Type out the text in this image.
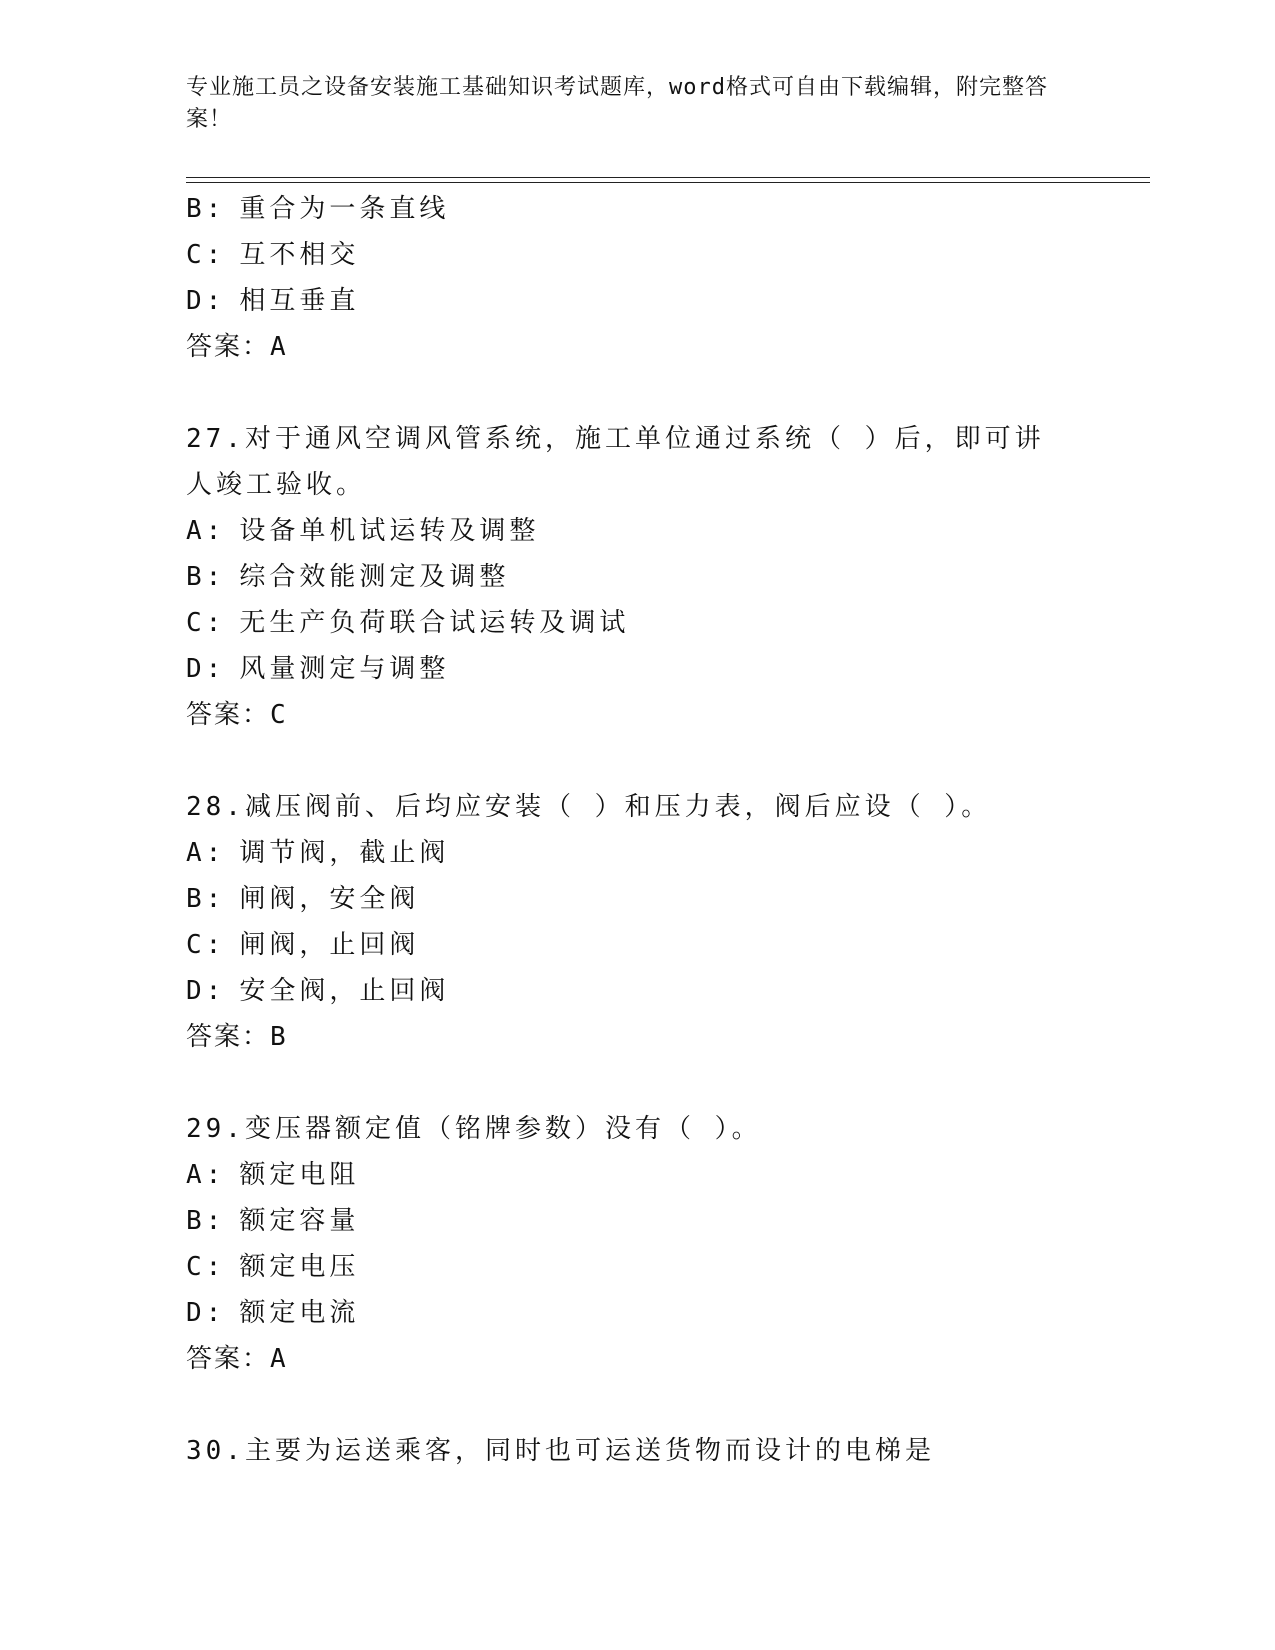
专业施工员之设备安装施工基础知识考试题库，word格式可自由下载编辑，附完整答案！
B: 重合为一条直线
C: 互不相交
D: 相互垂直
答案：A
27.对于通风空调风管系统，施工单位通过系统（ ）后，即可讲人竣工验收。
A: 设备单机试运转及调整
B: 综合效能测定及调整
C: 无生产负荷联合试运转及调试
D: 风量测定与调整
答案：C
28.减压阀前、后均应安装（ ）和压力表，阀后应设（ ）。
A: 调节阀，截止阀
B: 闸阀，安全阀
C: 闸阀，止回阀
D: 安全阀，止回阀
答案：B
29.变压器额定值（铭牌参数）没有（ ）。
A: 额定电阻
B: 额定容量
C: 额定电压
D: 额定电流
答案：A
30.主要为运送乘客，同时也可运送货物而设计的电梯是
